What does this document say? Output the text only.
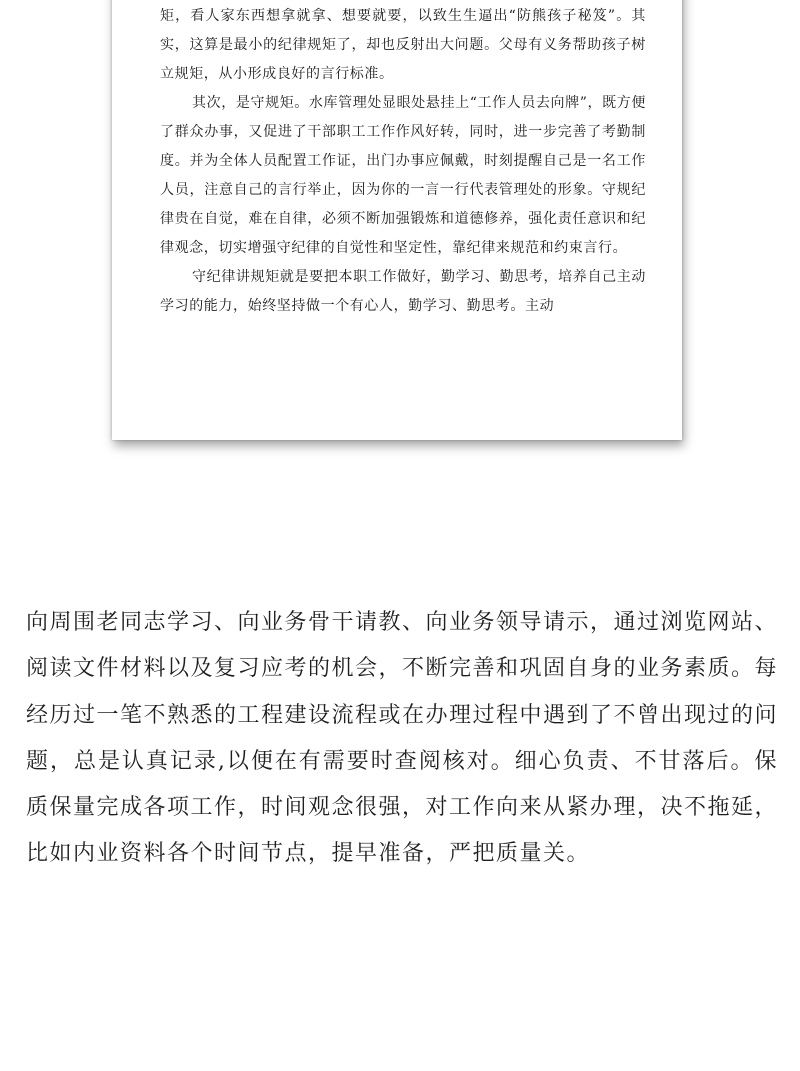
矩，看人家东西想拿就拿、想要就要，以致生生逼出“防熊孩子秘笈”。其实，这算是最小的纪律规矩了，却也反射出大问题。父母有义务帮助孩子树立规矩，从小形成良好的言行标准。

其次，是守规矩。水库管理处显眼处悬挂上“工作人员去向牌”，既方便了群众办事，又促进了干部职工工作作风好转，同时，进一步完善了考勤制度。并为全体人员配置工作证，出门办事应佩戴，时刻提醒自己是一名工作人员，注意自己的言行举止，因为你的一言一行代表管理处的形象。守规纪律贵在自觉，难在自律，必须不断加强锻炼和道德修养，强化责任意识和纪律观念，切实增强守纪律的自觉性和坚定性，靠纪律来规范和约束言行。

守纪律讲规矩就是要把本职工作做好，勤学习、勤思考，培养自己主动学习的能力，始终坚持做一个有心人，勤学习、勤思考。主动

向周围老同志学习、向业务骨干请教、向业务领导请示，通过浏览网站、阅读文件材料以及复习应考的机会，不断完善和巩固自身的业务素质。每经历过一笔不熟悉的工程建设流程或在办理过程中遇到了不曾出现过的问题，总是认真记录,以便在有需要时查阅核对。细心负责、不甘落后。保质保量完成各项工作，时间观念很强，对工作向来从紧办理，决不拖延，比如内业资料各个时间节点，提早准备，严把质量关。
